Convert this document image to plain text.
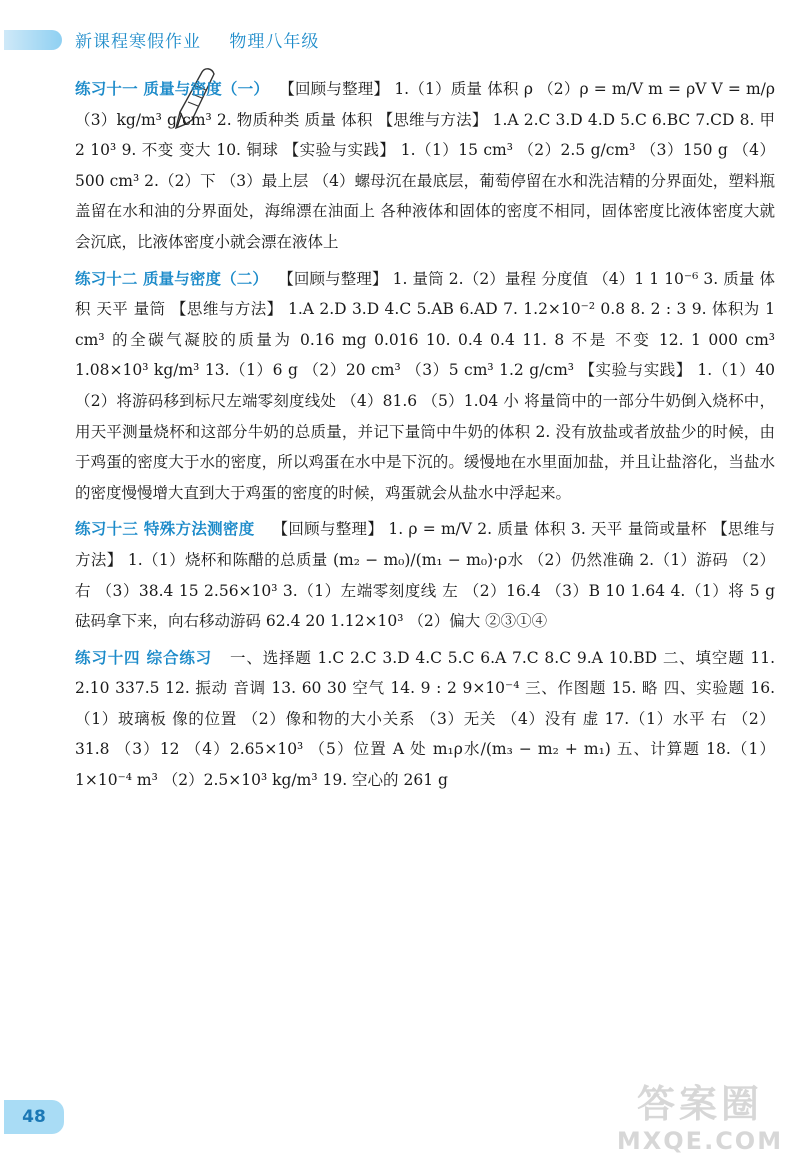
新课程寒假作业 物理八年级
练习十一 质量与密度（一） 【回顾与整理】 1.（1）质量 体积 ρ （2）ρ = m/V m = ρV V = m/ρ （3）kg/m³ g/cm³ 2. 物质种类 质量 体积 【思维与方法】 1.A 2.C 3.D 4.D 5.C 6.BC 7.CD 8. 甲 2 10³ 9. 不变 变大 10. 铜球 【实验与实践】 1.（1）15 cm³ （2）2.5 g/cm³ （3）150 g （4）500 cm³ 2.（2）下 （3）最上层 （4）螺母沉在最底层，葡萄停留在水和洗洁精的分界面处，塑料瓶盖留在水和油的分界面处，海绵漂在油面上 各种液体和固体的密度不相同，固体密度比液体密度大就会沉底，比液体密度小就会漂在液体上
练习十二 质量与密度（二） 【回顾与整理】 1. 量筒 2.（2）量程 分度值 （4）1 1 10⁻⁶ 3. 质量 体积 天平 量筒 【思维与方法】 1.A 2.D 3.D 4.C 5.AB 6.AD 7. 1.2×10⁻² 0.8 8. 2 : 3 9. 体积为 1 cm³ 的全碳气凝胶的质量为 0.16 mg 0.016 10. 0.4 0.4 11. 8 不是 不变 12. 1 000 cm³ 1.08×10³ kg/m³ 13.（1）6 g （2）20 cm³ （3）5 cm³ 1.2 g/cm³ 【实验与实践】 1.（1）40 （2）将游码移到标尺左端零刻度线处 （4）81.6 （5）1.04 小 将量筒中的一部分牛奶倒入烧杯中，用天平测量烧杯和这部分牛奶的总质量，并记下量筒中牛奶的体积 2. 没有放盐或者放盐少的时候，由于鸡蛋的密度大于水的密度，所以鸡蛋在水中是下沉的。缓慢地在水里面加盐，并且让盐溶化，当盐水的密度慢慢增大直到大于鸡蛋的密度的时候，鸡蛋就会从盐水中浮起来。
练习十三 特殊方法测密度 【回顾与整理】 1. ρ = m/V 2. 质量 体积 3. 天平 量筒或量杯 【思维与方法】 1.（1）烧杯和陈醋的总质量 (m₂ − m₀)/(m₁ − m₀)·ρ水 （2）仍然准确 2.（1）游码 （2）右 （3）38.4 15 2.56×10³ 3.（1）左端零刻度线 左 （2）16.4 （3）B 10 1.64 4.（1）将 5 g 砝码拿下来，向右移动游码 62.4 20 1.12×10³ （2）偏大 ②③①④
练习十四 综合练习 一、选择题 1.C 2.C 3.D 4.C 5.C 6.A 7.C 8.C 9.A 10.BD 二、填空题 11. 2.10 337.5 12. 振动 音调 13. 60 30 空气 14. 9 : 2 9×10⁻⁴ 三、作图题 15. 略 四、实验题 16.（1）玻璃板 像的位置 （2）像和物的大小关系 （3）无关 （4）没有 虚 17.（1）水平 右 （2）31.8 （3）12 （4）2.65×10³ （5）位置 A 处 m₁ρ水/(m₃ − m₂ + m₁) 五、计算题 18.（1）1×10⁻⁴ m³ （2）2.5×10³ kg/m³ 19. 空心的 261 g
48	答案圈
MXQE.COM
